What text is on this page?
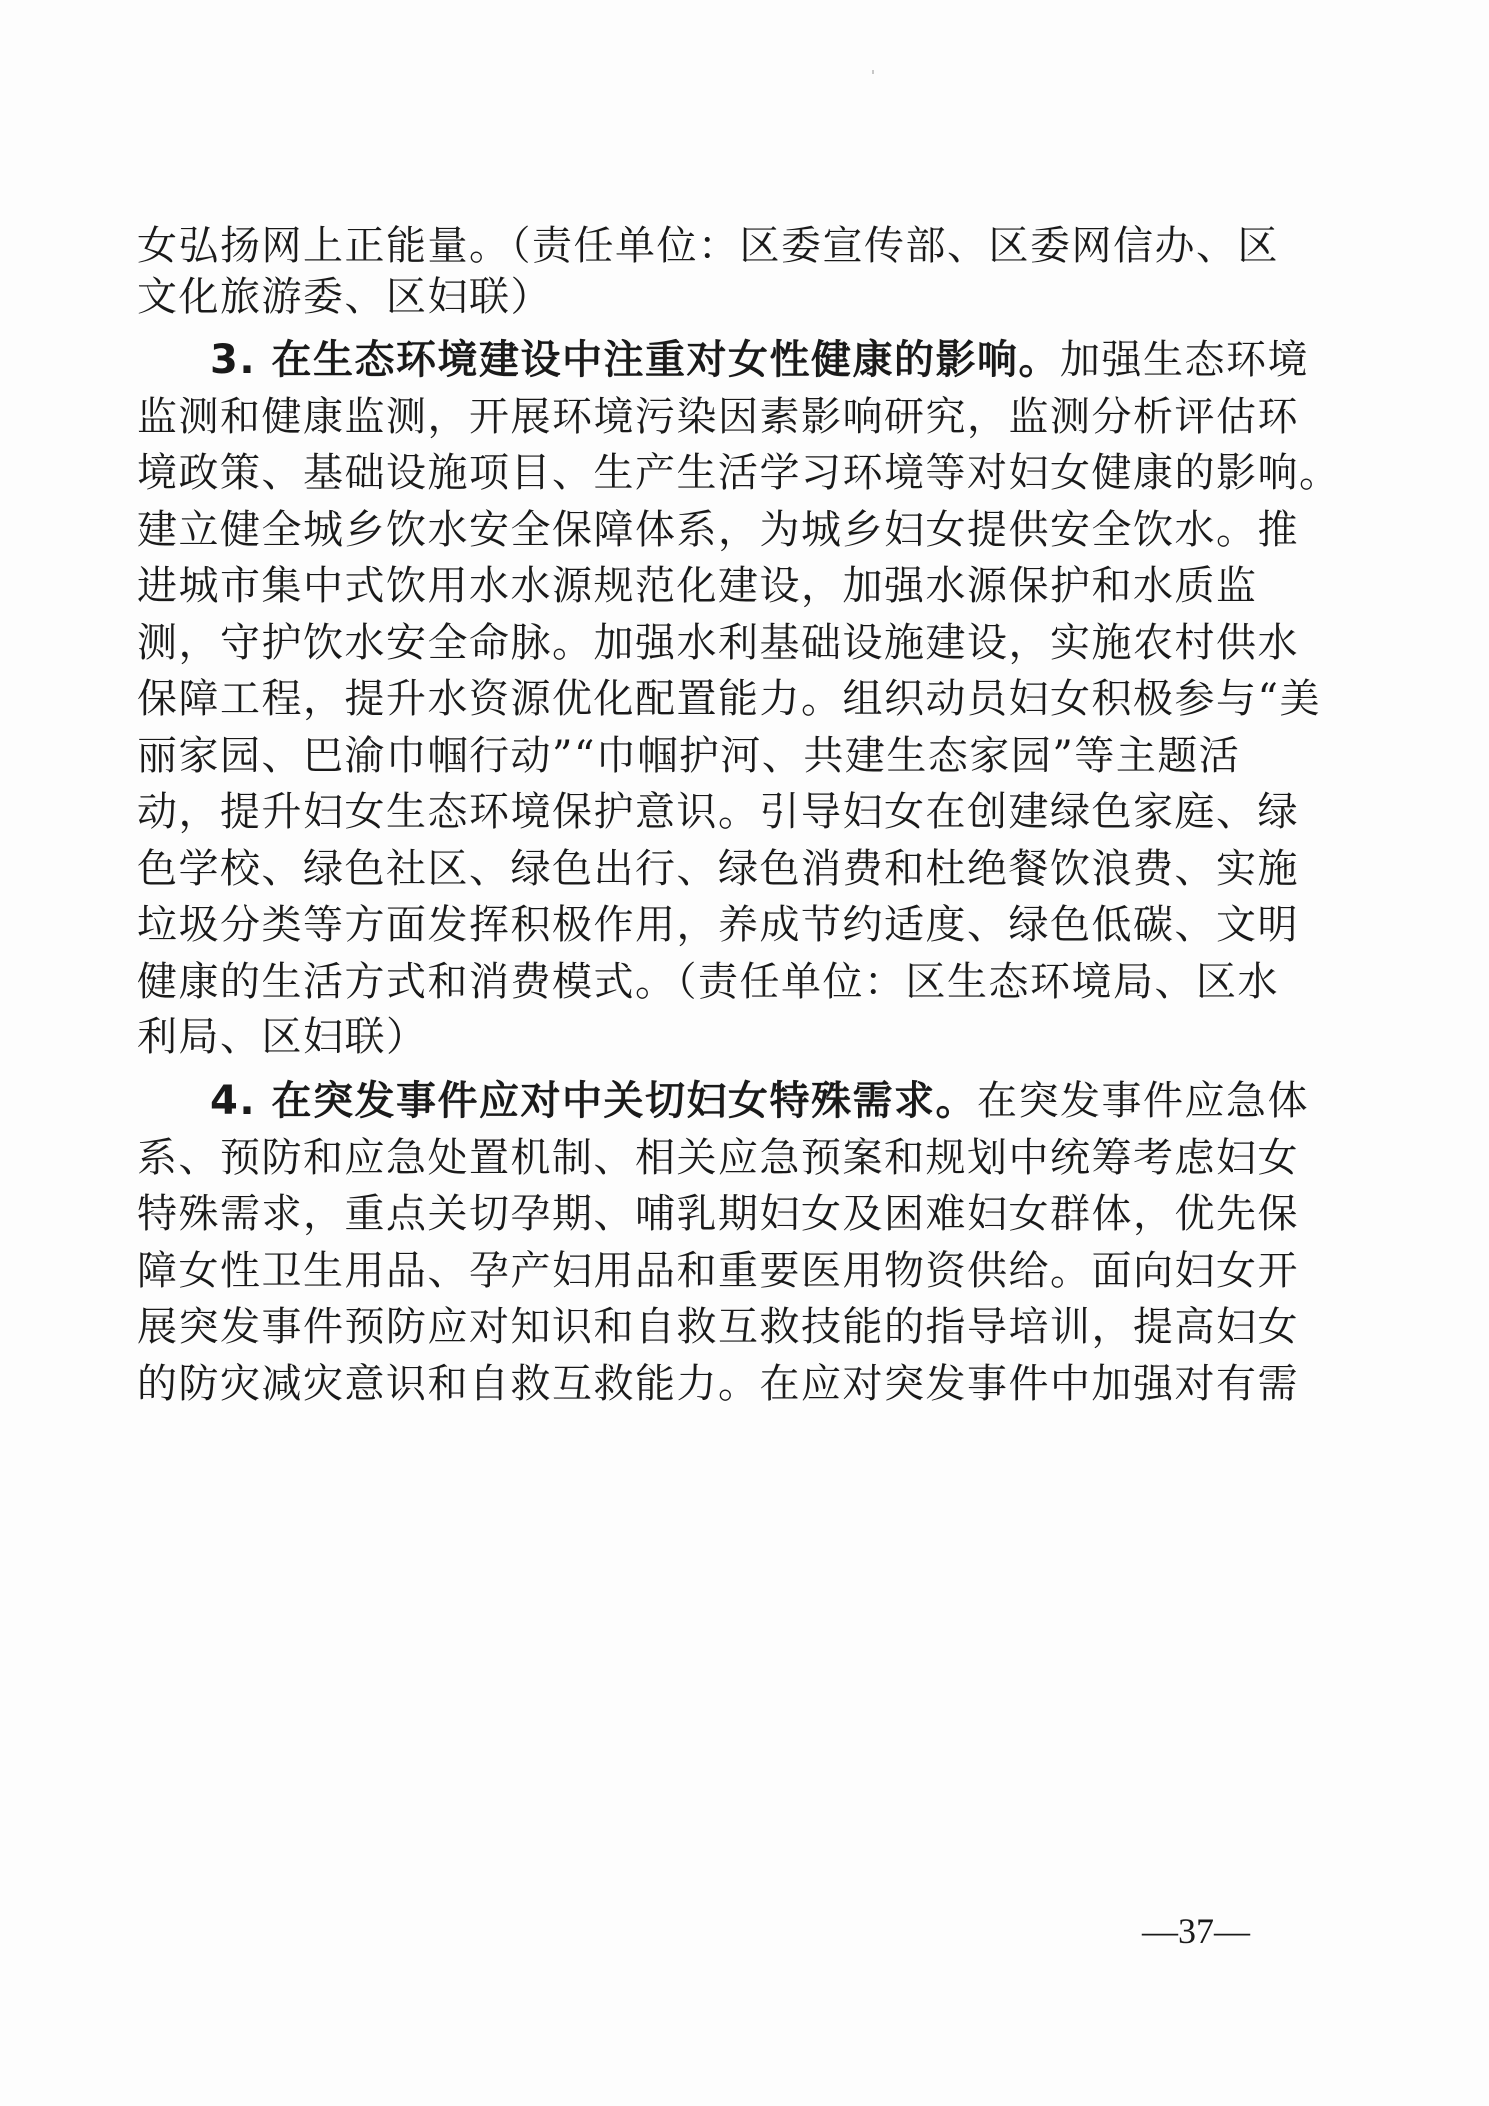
女弘扬网上正能量。（责任单位：区委宣传部、区委网信办、区
文化旅游委、区妇联）
3. 在生态环境建设中注重对女性健康的影响。加强生态环境
监测和健康监测，开展环境污染因素影响研究，监测分析评估环
境政策、基础设施项目、生产生活学习环境等对妇女健康的影响。
建立健全城乡饮水安全保障体系，为城乡妇女提供安全饮水。推
进城市集中式饮用水水源规范化建设，加强水源保护和水质监
测，守护饮水安全命脉。加强水利基础设施建设，实施农村供水
保障工程，提升水资源优化配置能力。组织动员妇女积极参与“美
丽家园、巴渝巾帼行动”“巾帼护河、共建生态家园”等主题活
动，提升妇女生态环境保护意识。引导妇女在创建绿色家庭、绿
色学校、绿色社区、绿色出行、绿色消费和杜绝餐饮浪费、实施
垃圾分类等方面发挥积极作用，养成节约适度、绿色低碳、文明
健康的生活方式和消费模式。（责任单位：区生态环境局、区水
利局、区妇联）
4. 在突发事件应对中关切妇女特殊需求。在突发事件应急体
系、预防和应急处置机制、相关应急预案和规划中统筹考虑妇女
特殊需求，重点关切孕期、哺乳期妇女及困难妇女群体，优先保
障女性卫生用品、孕产妇用品和重要医用物资供给。面向妇女开
展突发事件预防应对知识和自救互救技能的指导培训，提高妇女
的防灾减灾意识和自救互救能力。在应对突发事件中加强对有需
—37—
